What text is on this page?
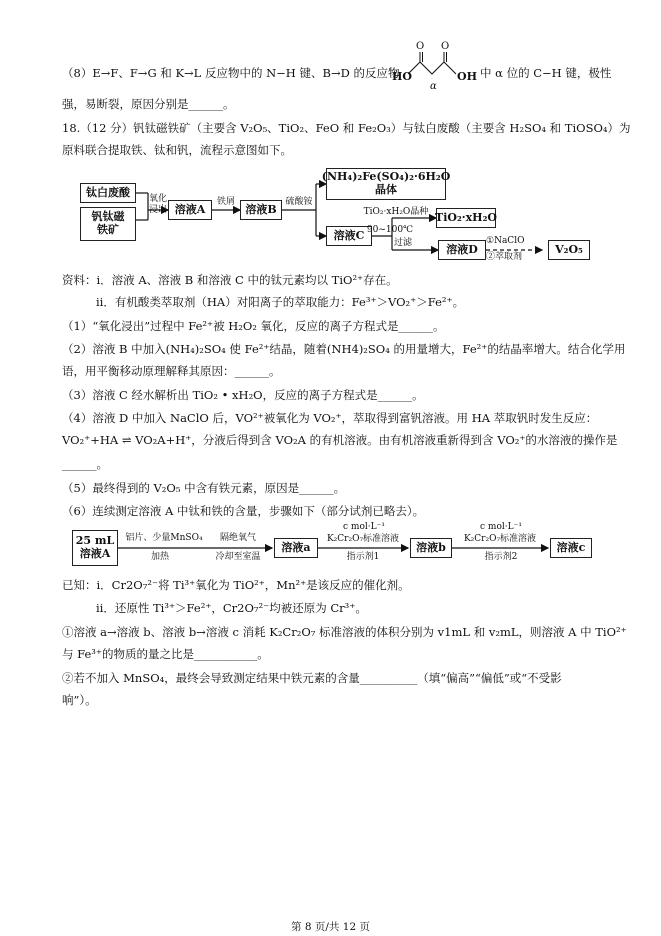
（8）E→F、F→G 和 K→L 反应物中的 N−H 键、B→D 的反应物
HO	OH
O O
α
中 α 位的 C−H 键，极性
强，易断裂，原因分别是______。
18.（12 分）钒钛磁铁矿（主要含 V₂O₅、TiO₂、FeO 和 Fe₂O₃）与钛白废酸（主要含 H₂SO₄ 和 TiOSO₄）为
原料联合提取铁、钛和钒，流程示意图如下。
钛白废酸
钒钛磁铁矿
氧化浸出 溶液A
铁屑
溶液B
硫酸铵
(NH₄)₂Fe(SO₄)₂·6H₂O 晶体
溶液C
TiO₂·xH₂O晶种
90~100℃
过滤
TiO₂·xH₂O
溶液D
①NaClO
②萃取剂
V₂O₅
资料：ⅰ．溶液 A、溶液 B 和溶液 C 中的钛元素均以 TiO²⁺存在。
ⅱ．有机酸类萃取剂（HA）对阳离子的萃取能力：Fe³⁺＞VO₂⁺＞Fe²⁺。
（1）“氧化浸出”过程中 Fe²⁺被 H₂O₂ 氧化，反应的离子方程式是______。
（2）溶液 B 中加入(NH₄)₂SO₄ 使 Fe²⁺结晶，随着(NH4)₂SO₄ 的用量增大，Fe²⁺的结晶率增大。结合化学用
语，用平衡移动原理解释其原因：______。
（3）溶液 C 经水解析出 TiO₂ • xH₂O，反应的离子方程式是______。
（4）溶液 D 中加入 NaClO 后，VO²⁺被氧化为 VO₂⁺，萃取得到富钒溶液。用 HA 萃取钒时发生反应：
VO₂⁺+HA ⇌ VO₂A+H⁺，分液后得到含 VO₂A 的有机溶液。由有机溶液重新得到含 VO₂⁺的水溶液的操作是
______。
（5）最终得到的 V₂O₅ 中含有铁元素，原因是______。
（6）连续测定溶液 A 中钛和铁的含量，步骤如下（部分试剂已略去）。
25 mL 溶液A
铝片、少量MnSO₄
加热
隔绝氧气
冷却至室温
溶液a
c mol·L⁻¹
K₂Cr₂O₇标准溶液
指示剂1
溶液b
c mol·L⁻¹
K₂Cr₂O₇标准溶液
指示剂2
溶液c
已知：ⅰ．Cr2O₇²⁻将 Ti³⁺氧化为 TiO²⁺，Mn²⁺是该反应的催化剂。
ⅱ．还原性 Ti³⁺＞Fe²⁺，Cr2O₇²⁻均被还原为 Cr³⁺。
①溶液 a→溶液 b、溶液 b→溶液 c 消耗 K₂Cr₂O₇ 标准溶液的体积分别为 v1mL 和 v₂mL，则溶液 A 中 TiO²⁺
与 Fe³⁺的物质的量之比是___________。
②若不加入 MnSO₄，最终会导致测定结果中铁元素的含量__________（填“偏高”“偏低”或“不受影
响”）。
第 8 页/共 12 页
